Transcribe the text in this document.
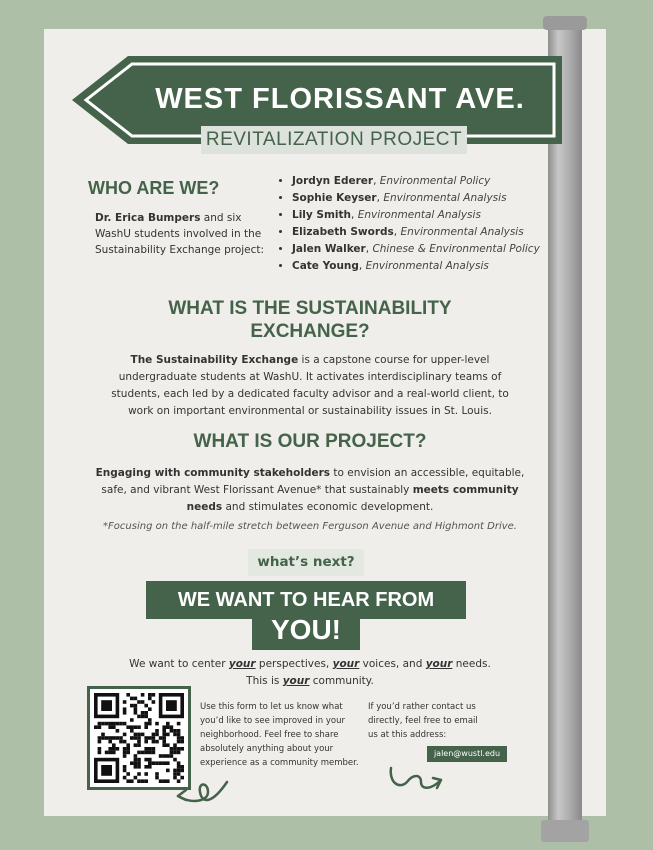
WEST FLORISSANT AVE.
REVITALIZATION PROJECT
WHO ARE WE?
Dr. Erica Bumpers and six WashU students involved in the Sustainability Exchange project:
• Jordyn Ederer, Environmental Policy
• Sophie Keyser, Environmental Analysis
• Lily Smith, Environmental Analysis
• Elizabeth Swords, Environmental Analysis
• Jalen Walker, Chinese & Environmental Policy
• Cate Young, Environmental Analysis
WHAT IS THE SUSTAINABILITY EXCHANGE?
The Sustainability Exchange is a capstone course for upper-level undergraduate students at WashU. It activates interdisciplinary teams of students, each led by a dedicated faculty advisor and a real-world client, to work on important environmental or sustainability issues in St. Louis.
WHAT IS OUR PROJECT?
Engaging with community stakeholders to envision an accessible, equitable, safe, and vibrant West Florissant Avenue* that sustainably meets community needs and stimulates economic development.
*Focusing on the half-mile stretch between Ferguson Avenue and Highmont Drive.
what’s next?
WE WANT TO HEAR FROM
YOU!
We want to center your perspectives, your voices, and your needs.
This is your community.
Use this form to let us know what you’d like to see improved in your neighborhood. Feel free to share absolutely anything about your experience as a community member.
If you’d rather contact us directly, feel free to email us at this address:
jalen@wustl.edu
